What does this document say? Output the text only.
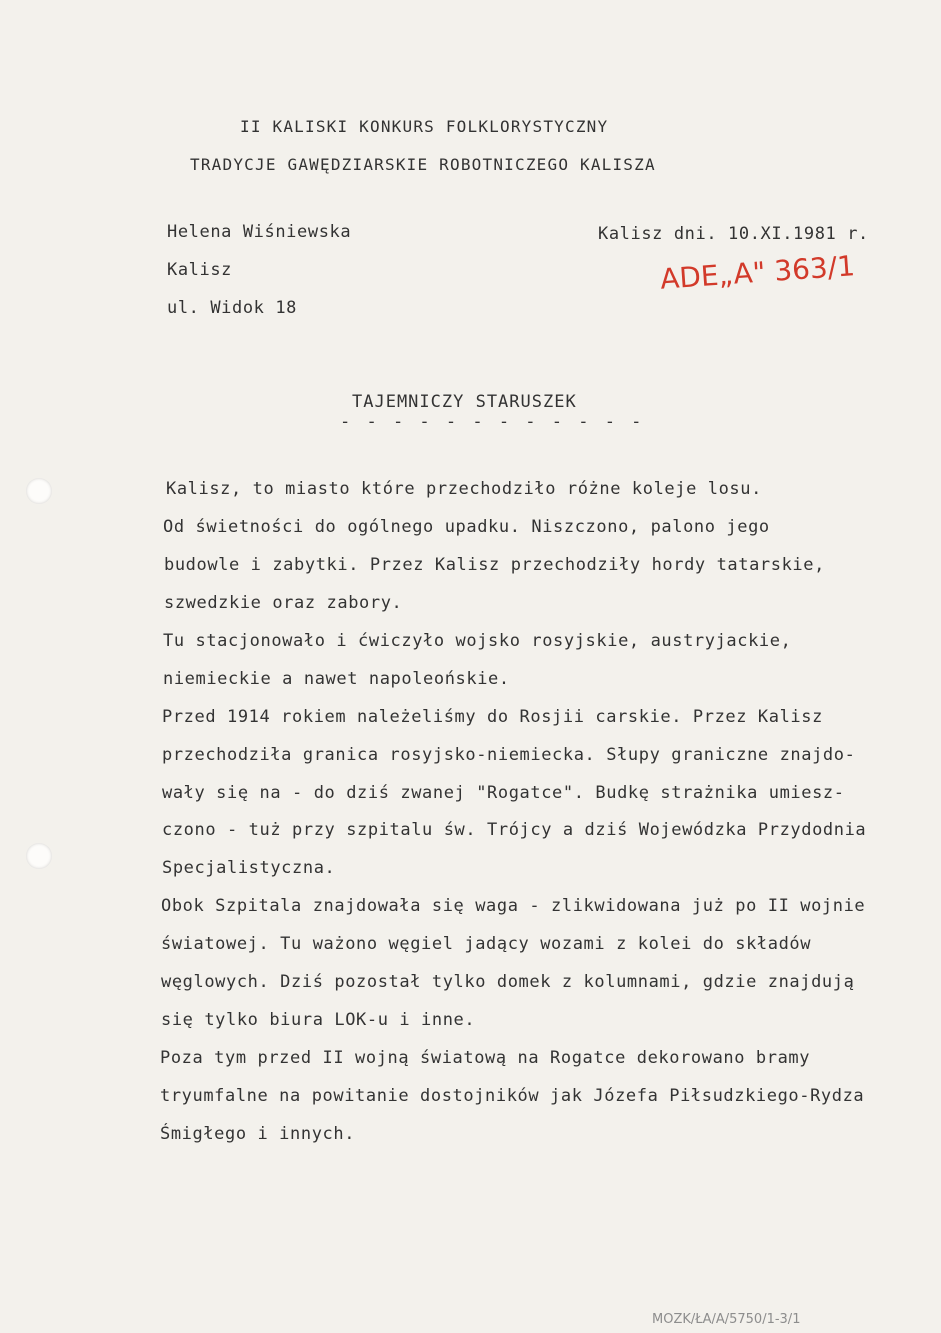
II KALISKI KONKURS FOLKLORYSTYCZNY
TRADYCJE GAWĘDZIARSKIE ROBOTNICZEGO KALISZA
Helena Wiśniewska
Kalisz
ul. Widok 18
Kalisz dni. 10.XI.1981 r.
ADE„A" 363/1
TAJEMNICZY STARUSZEK
- - - - - - - - - - - -
Kalisz, to miasto które przechodziło różne koleje losu.
Od świetności do ogólnego upadku. Niszczono, palono jego
budowle i zabytki. Przez Kalisz przechodziły hordy tatarskie,
szwedzkie oraz zabory.
Tu stacjonowało i ćwiczyło wojsko rosyjskie, austryjackie,
niemieckie a nawet napoleońskie.
Przed 1914 rokiem należeliśmy do Rosjii carskie. Przez Kalisz
przechodziła granica rosyjsko-niemiecka. Słupy graniczne znajdo-
wały się na - do dziś zwanej "Rogatce". Budkę strażnika umiesz-
czono - tuż przy szpitalu św. Trójcy a dziś Wojewódzka Przydodnia
Specjalistyczna.
Obok Szpitala znajdowała się waga - zlikwidowana już po II wojnie
światowej. Tu ważono węgiel jadący wozami z kolei do składów
węglowych. Dziś pozostał tylko domek z kolumnami, gdzie znajdują
się tylko biura LOK-u i inne.
Poza tym przed II wojną światową na Rogatce dekorowano bramy
tryumfalne na powitanie dostojników jak Józefa Piłsudzkiego-Rydza
Śmigłego i innych.
MOZK/ŁA/A/5750/1-3/1
